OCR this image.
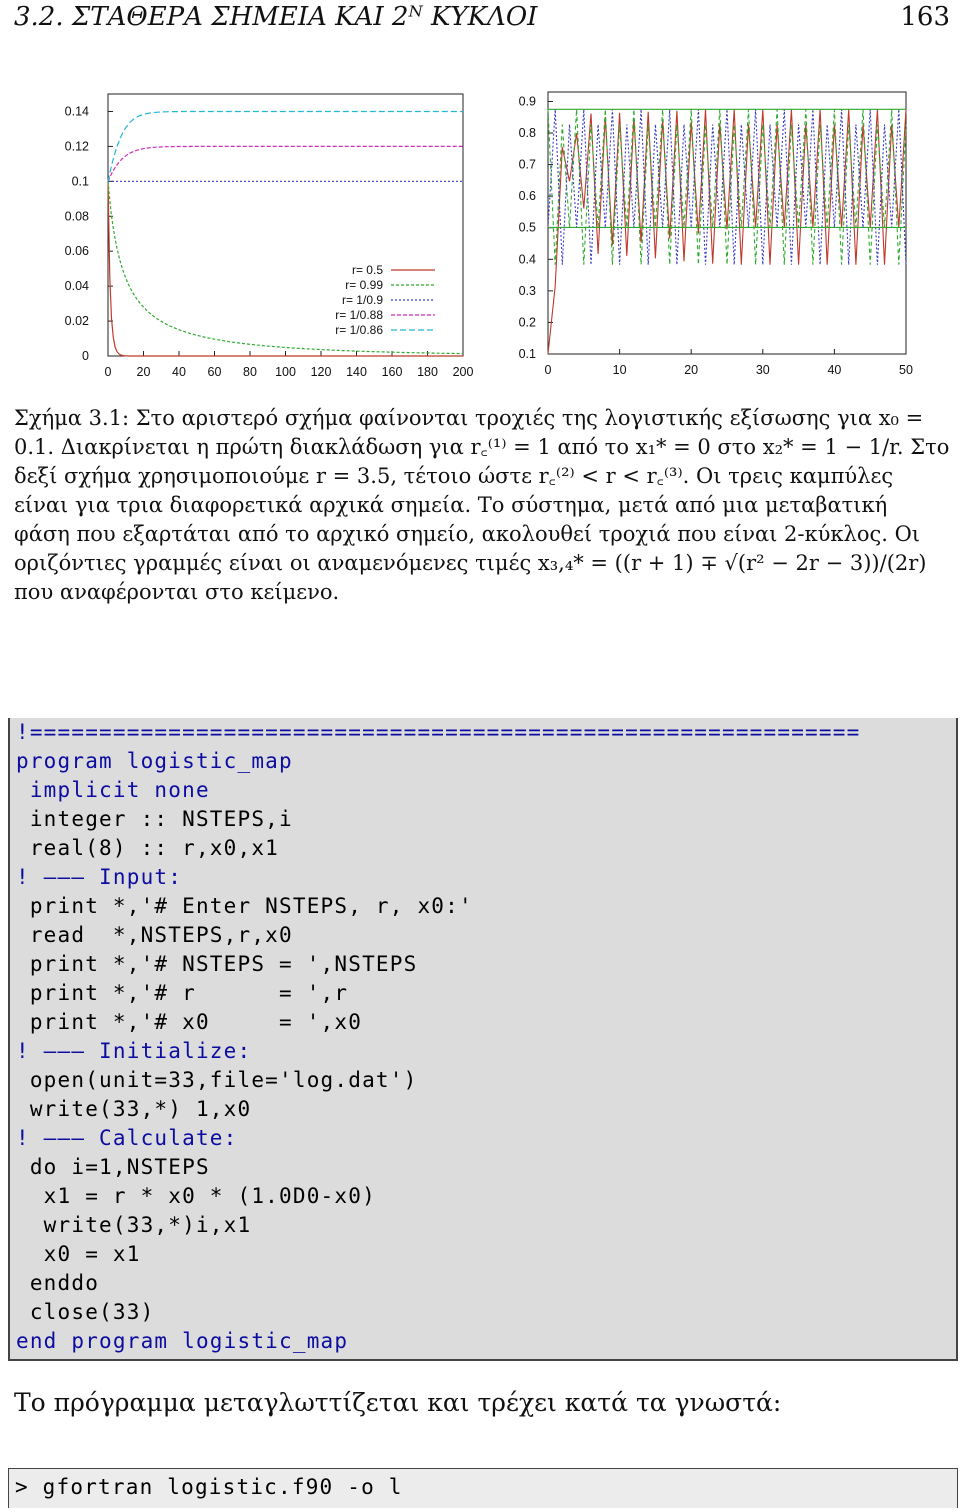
3.2. ΣΤΑΘΕΡΑ ΣΗΜΕΙΑ ΚΑΙ 2ᴺ ΚΥΚΛΟΙ	163
0 20 40 60 80 100 120 140 160 180 200
0
0.02
0.04
0.06
0.08
0.1
0.12
0.14
r= 0.5
r= 0.99
r= 1/0.9
r= 1/0.88
r= 1/0.86
0	10	20	30	40	50
0.1
0.2
0.3
0.4
0.5
0.6
0.7
0.8
0.9
Σχήμα 3.1: Στο αριστερό σχήμα φαίνονται τροχιές της λογιστικής εξίσωσης για x₀ =
0.1. Διακρίνεται η πρώτη διακλάδωση για r꜀⁽¹⁾ = 1 από το x₁* = 0 στο x₂* = 1 − 1/r. Στο
δεξί σχήμα χρησιμοποιούμε r = 3.5, τέτοιο ώστε r꜀⁽²⁾ < r < r꜀⁽³⁾. Οι τρεις καμπύλες
είναι για τρια διαφορετικά αρχικά σημεία. Το σύστημα, μετά από μια μεταβατική
φάση που εξαρτάται από το αρχικό σημείο, ακολουθεί τροχιά που είναι 2-κύκλος. Οι
οριζόντιες γραμμές είναι οι αναμενόμενες τιμές x₃,₄* = ((r + 1) ∓ √(r² − 2r − 3))/(2r)
που αναφέρονται στο κείμενο.
!============================================================
program logistic_map
implicit none
integer :: NSTEPS,i
real(8) :: r,x0,x1
! ——— Input:
print *,'# Enter NSTEPS, r, x0:'
read  *,NSTEPS,r,x0
print *,'# NSTEPS = ',NSTEPS
print *,'# r      = ',r
print *,'# x0     = ',x0
! ——— Initialize:
open(unit=33,file='log.dat')
write(33,*) 1,x0
! ——— Calculate:
do i=1,NSTEPS
x1 = r * x0 * (1.0D0-x0)
write(33,*)i,x1
x0 = x1
enddo
close(33)
end program logistic_map
Το πρόγραμμα μεταγλωττίζεται και τρέχει κατά τα γνωστά:
> gfortran logistic.f90 -o l
